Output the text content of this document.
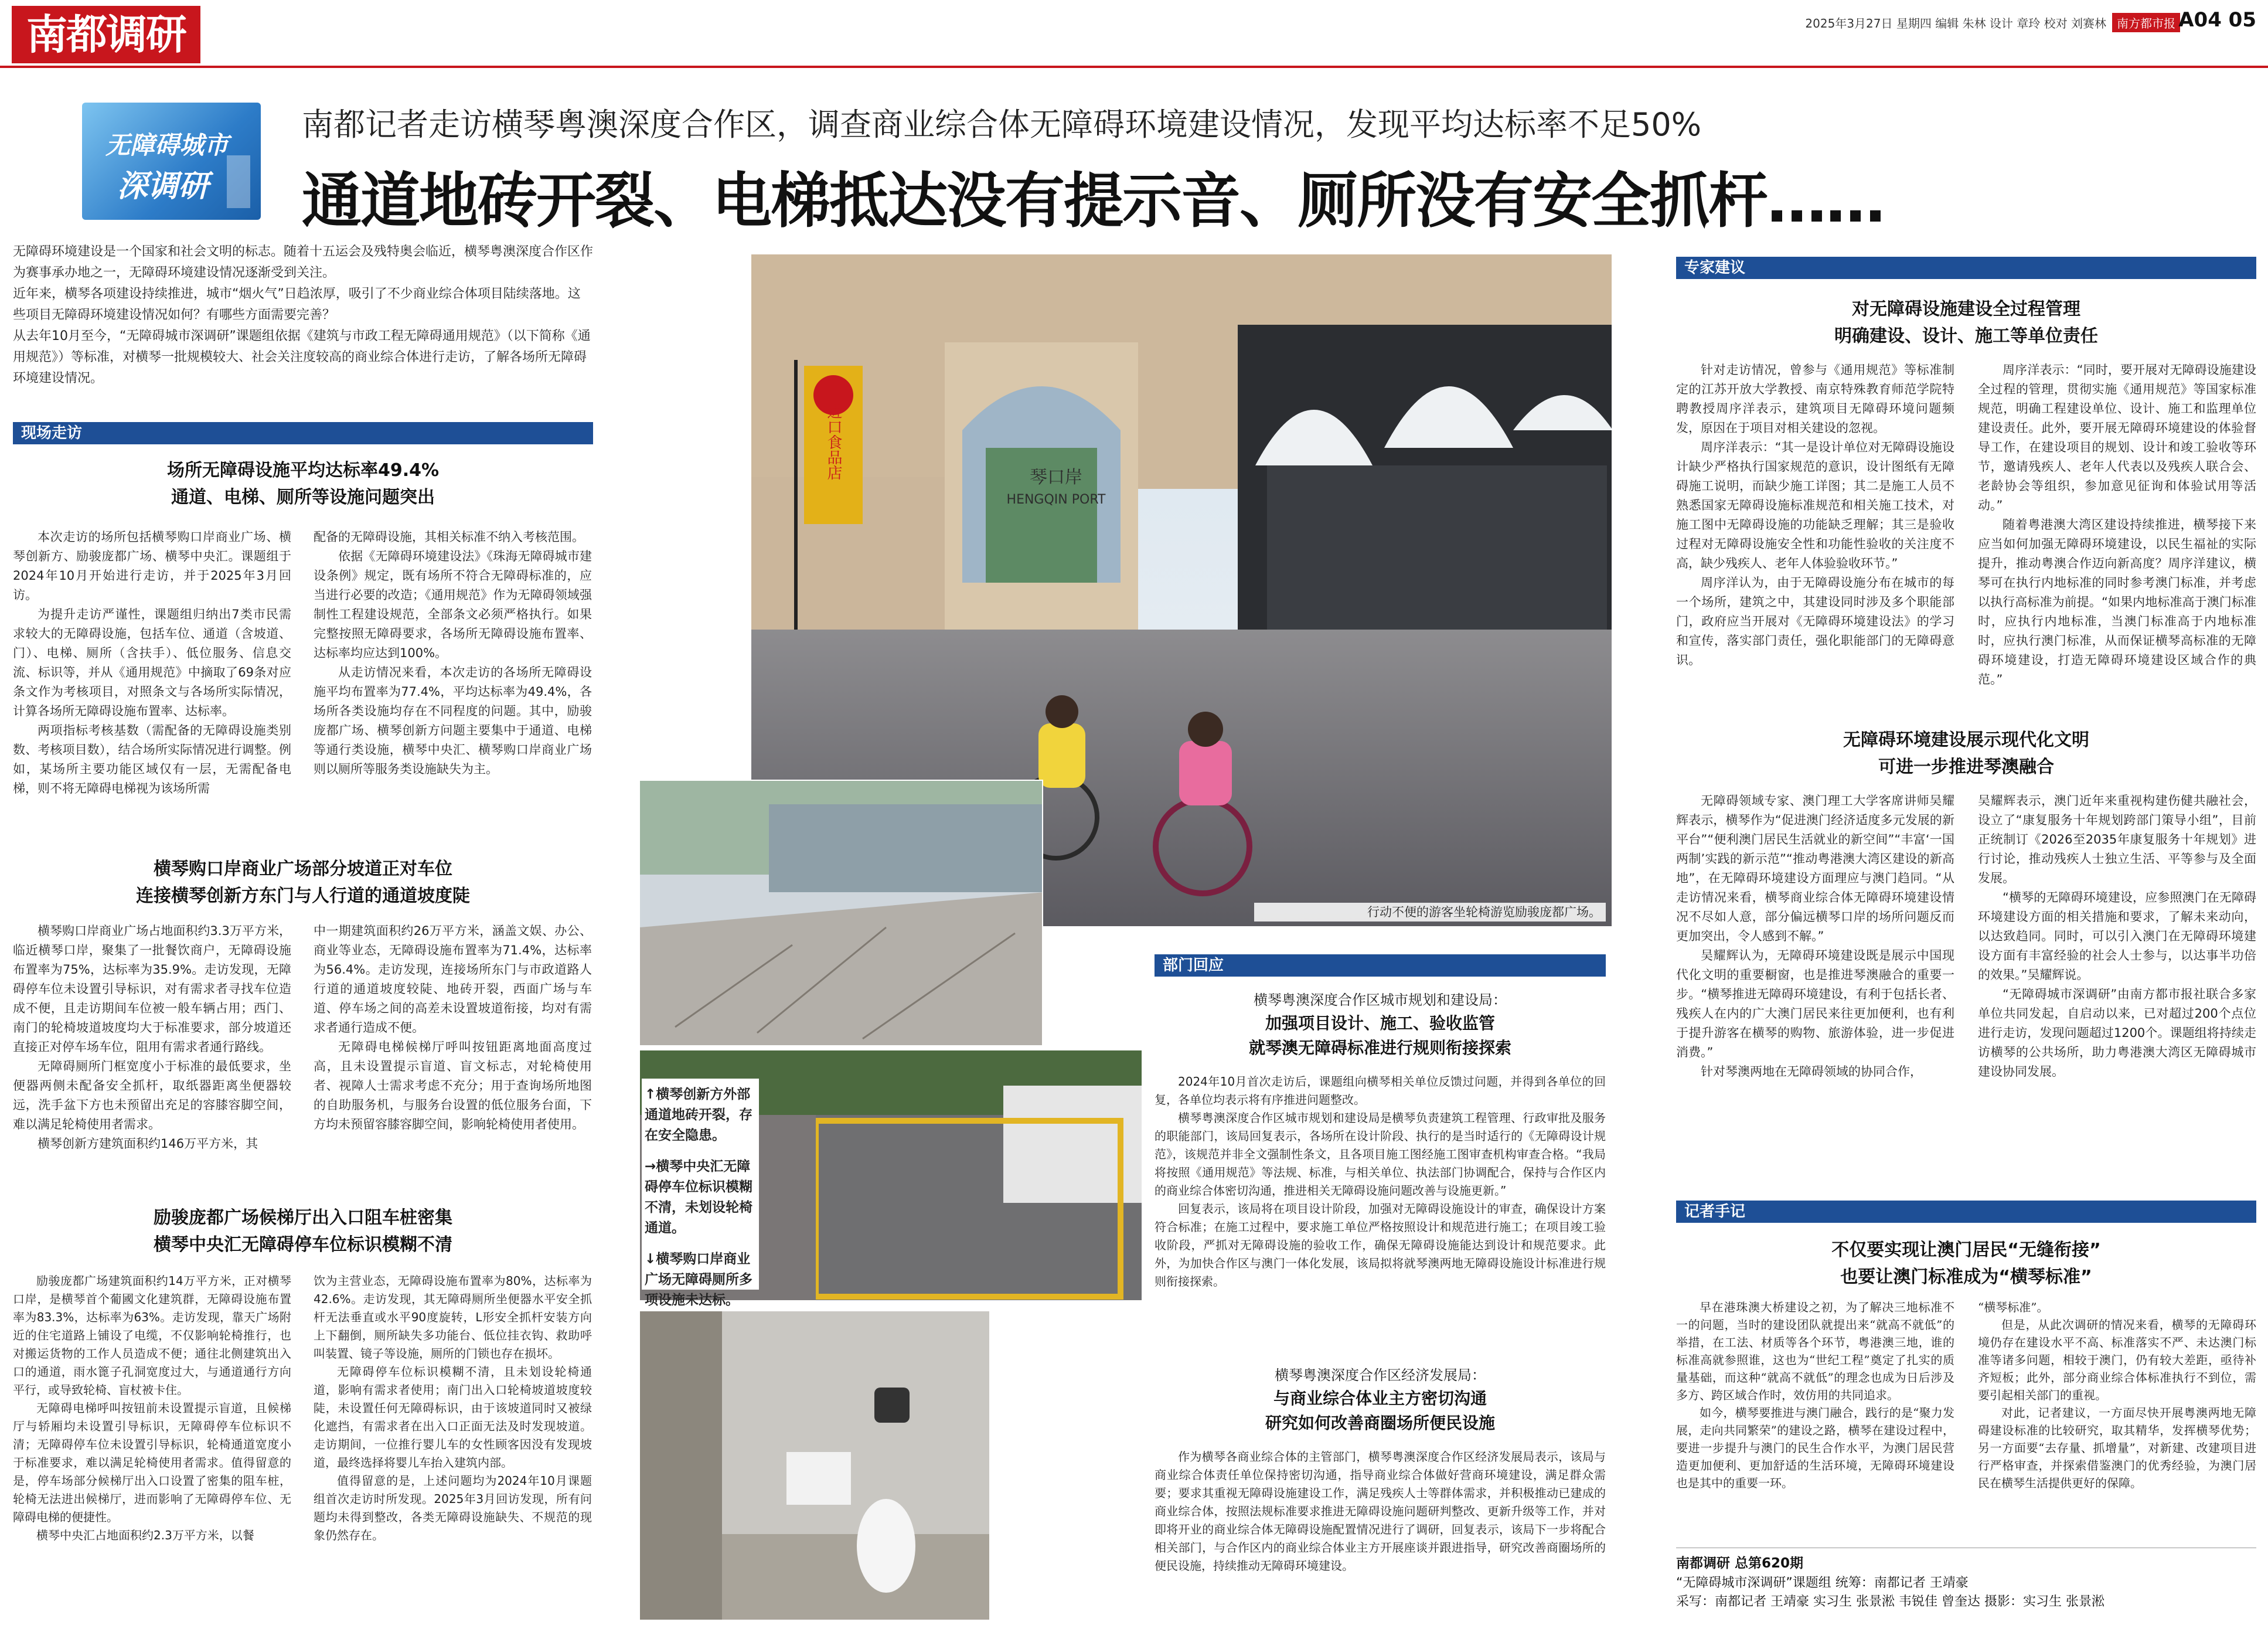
南都调研	2025年3月27日 星期四 编辑 朱林 设计 章玲 校对 刘赛林 南方都市报 A04 05
无障碍城市
深调研
南都记者走访横琴粤澳深度合作区，调查商业综合体无障碍环境建设情况，发现平均达标率不足50%
通道地砖开裂、电梯抵达没有提示音、厕所没有安全抓杆……

无障碍环境建设是一个国家和社会文明的标志。随着十五运会及残特奥会临近，横琴粤澳深度合作区作为赛事承办地之一，无障碍环境建设情况逐渐受到关注。

近年来，横琴各项建设持续推进，城市“烟火气”日趋浓厚，吸引了不少商业综合体项目陆续落地。这些项目无障碍环境建设情况如何？有哪些方面需要完善？

从去年10月至今，“无障碍城市深调研”课题组依据《建筑与市政工程无障碍通用规范》（以下简称《通用规范》）等标准，对横琴一批规模较大、社会关注度较高的商业综合体进行走访，了解各场所无障碍环境建设情况。

现场走访
场所无障碍设施平均达标率49.4%
通道、电梯、厕所等设施问题突出

本次走访的场所包括横琴购口岸商业广场、横琴创新方、励骏庞都广场、横琴中央汇。课题组于2024年10月开始进行走访，并于2025年3月回访。

为提升走访严谨性，课题组归纳出7类市民需求较大的无障碍设施，包括车位、通道（含坡道、门）、电梯、厕所（含扶手）、低位服务、信息交流、标识等，并从《通用规范》中摘取了69条对应条文作为考核项目，对照条文与各场所实际情况，计算各场所无障碍设施布置率、达标率。

两项指标考核基数（需配备的无障碍设施类别数、考核项目数），结合场所实际情况进行调整。例如，某场所主要功能区域仅有一层，无需配备电梯，则不将无障碍电梯视为该场所需

配备的无障碍设施，其相关标准不纳入考核范围。

依据《无障碍环境建设法》《珠海无障碍城市建设条例》规定，既有场所不符合无障碍标准的，应当进行必要的改造；《通用规范》作为无障碍领域强制性工程建设规范，全部条文必须严格执行。如果完整按照无障碍要求，各场所无障碍设施布置率、达标率均应达到100%。

从走访情况来看，本次走访的各场所无障碍设施平均布置率为77.4%，平均达标率为49.4%，各场所各类设施均存在不同程度的问题。其中，励骏庞都广场、横琴创新方问题主要集中于通道、电梯等通行类设施，横琴中央汇、横琴购口岸商业广场则以厕所等服务类设施缺失为主。

横琴购口岸商业广场部分坡道正对车位
连接横琴创新方东门与人行道的通道坡度陡

横琴购口岸商业广场占地面积约3.3万平方米，临近横琴口岸，聚集了一批餐饮商户，无障碍设施布置率为75%，达标率为35.9%。走访发现，无障碍停车位未设置引导标识，对有需求者寻找车位造成不便，且走访期间车位被一般车辆占用；西门、南门的轮椅坡道坡度均大于标准要求，部分坡道还直接正对停车场车位，阻用有需求者通行路线。

无障碍厕所门框宽度小于标准的最低要求，坐便器两侧未配备安全抓杆，取纸器距离坐便器较远，洗手盆下方也未预留出充足的容膝容脚空间，难以满足轮椅使用者需求。

横琴创新方建筑面积约146万平方米，其

中一期建筑面积约26万平方米，涵盖文娱、办公、商业等业态，无障碍设施布置率为71.4%，达标率为56.4%。走访发现，连接场所东门与市政道路人行道的通道坡度较陡、地砖开裂，西面广场与车道、停车场之间的高差未设置坡道衔接，均对有需求者通行造成不便。

无障碍电梯候梯厅呼叫按钮距离地面高度过高，且未设置提示盲道、盲文标志，对轮椅使用者、视障人士需求考虑不充分；用于查询场所地图的自助服务机，与服务台设置的低位服务台面，下方均未预留容膝容脚空间，影响轮椅使用者使用。

励骏庞都广场候梯厅出入口阻车桩密集
横琴中央汇无障碍停车位标识模糊不清

励骏庞都广场建筑面积约14万平方米，正对横琴口岸，是横琴首个葡國文化建筑群，无障碍设施布置率为83.3%，达标率为63%。走访发现，靠天广场附近的住宅道路上铺设了电缆，不仅影响轮椅推行，也对搬运货物的工作人员造成不便；通往北侧建筑出入口的通道，雨水篦子孔洞宽度过大，与通道通行方向平行，或导致轮椅、盲杖被卡住。

无障碍电梯呼叫按钮前未设置提示盲道，且候梯厅与轿厢均未设置引导标识，无障碍停车位标识不清；无障碍停车位未设置引导标识，轮椅通道宽度小于标准要求，难以满足轮椅使用者需求。值得留意的是，停车场部分候梯厅出入口设置了密集的阻车桩，轮椅无法进出候梯厅，进而影响了无障碍停车位、无障碍电梯的便捷性。

横琴中央汇占地面积约2.3万平方米，以餐

饮为主营业态，无障碍设施布置率为80%，达标率为42.6%。走访发现，其无障碍厕所坐便器水平安全抓杆无法垂直或水平90度旋转，L形安全抓杆安装方向上下翻倒，厕所缺失多功能台、低位挂衣钩、救助呼叫装置、镜子等设施，厕所的门锁也存在损坏。

无障碍停车位标识模糊不清，且未划设轮椅通道，影响有需求者使用；南门出入口轮椅坡道坡度较陡，未设置任何无障碍标识，由于该坡道同时又被绿化遮挡，有需求者在出入口正面无法及时发现坡道。走访期间，一位推行婴儿车的女性顾客因没有发现坡道，最终选择将婴儿车抬入建筑内部。

值得留意的是，上述问题均为2024年10月课题组首次走访时所发现。2025年3月回访发现，所有问题均未得到整改，各类无障碍设施缺失、不规范的现象仍然存在。

进口食品店	琴口岸
HENGQIN PORT
行动不便的游客坐轮椅游览励骏庞都广场。

↑横琴创新方外部通道地砖开裂，存在安全隐患。

→横琴中央汇无障碍停车位标识模糊不清，未划设轮椅通道。

↓横琴购口岸商业广场无障碍厕所多项设施未达标。

部门回应
横琴粤澳深度合作区城市规划和建设局：
加强项目设计、施工、验收监管
就琴澳无障碍标准进行规则衔接探索

2024年10月首次走访后，课题组向横琴相关单位反馈过问题，并得到各单位的回复，各单位均表示将有序推进问题整改。

横琴粤澳深度合作区城市规划和建设局是横琴负责建筑工程管理、行政审批及服务的职能部门，该局回复表示，各场所在设计阶段、执行的是当时适行的《无障碍设计规范》，该规范并非全文强制性条文，且各项目施工图经施工图审查机构审查合格。“我局将按照《通用规范》等法规、标准，与相关单位、执法部门协调配合，保持与合作区内的商业综合体密切沟通，推进相关无障碍设施问题改善与设施更新。”

回复表示，该局将在项目设计阶段，加强对无障碍设施设计的审查，确保设计方案符合标准；在施工过程中，要求施工单位严格按照设计和规范进行施工；在项目竣工验收阶段，严抓对无障碍设施的验收工作，确保无障碍设施能达到设计和规范要求。此外，为加快合作区与澳门一体化发展，该局拟将就琴澳两地无障碍设施设计标准进行规则衔接探索。

横琴粤澳深度合作区经济发展局：
与商业综合体业主方密切沟通
研究如何改善商圈场所便民设施

作为横琴各商业综合体的主管部门，横琴粤澳深度合作区经济发展局表示，该局与商业综合体责任单位保持密切沟通，指导商业综合体做好营商环境建设，满足群众需要；要求其重视无障碍设施建设工作，满足残疾人士等群体需求，并积极推动已建成的商业综合体，按照法规标准要求推进无障碍设施问题研判整改、更新升级等工作，并对即将开业的商业综合体无障碍设施配置情况进行了调研，回复表示，该局下一步将配合相关部门，与合作区内的商业综合体业主方开展座谈并跟进指导，研究改善商圈场所的便民设施，持续推动无障碍环境建设。

专家建议
对无障碍设施建设全过程管理
明确建设、设计、施工等单位责任

针对走访情况，曾参与《通用规范》等标准制定的江苏开放大学教授、南京特殊教育师范学院特聘教授周序洋表示，建筑项目无障碍环境问题频发，原因在于项目对相关建设的忽视。

周序洋表示：“其一是设计单位对无障碍设施设计缺少严格执行国家规范的意识，设计图纸有无障碍施工说明，而缺少施工详图；其二是施工人员不熟悉国家无障碍设施标准规范和相关施工技术，对施工图中无障碍设施的功能缺乏理解；其三是验收过程对无障碍设施安全性和功能性验收的关注度不高，缺少残疾人、老年人体验验收环节。”

周序洋认为，由于无障碍设施分布在城市的每一个场所，建筑之中，其建设同时涉及多个职能部门，政府应当开展对《无障碍环境建设法》的学习和宣传，落实部门责任，强化职能部门的无障碍意识。

周序洋表示：“同时，要开展对无障碍设施建设全过程的管理，贯彻实施《通用规范》等国家标准规范，明确工程建设单位、设计、施工和监理单位建设责任。此外，要开展无障碍环境建设的体验督导工作，在建设项目的规划、设计和竣工验收等环节，邀请残疾人、老年人代表以及残疾人联合会、老龄协会等组织，参加意见征询和体验试用等活动。”

随着粤港澳大湾区建设持续推进，横琴接下来应当如何加强无障碍环境建设，以民生福祉的实际提升，推动粤澳合作迈向新高度？周序洋建议，横琴可在执行内地标准的同时参考澳门标准，并考虑以执行高标准为前提。“如果内地标准高于澳门标准时，应执行内地标准，当澳门标准高于内地标准时，应执行澳门标准，从而保证横琴高标准的无障碍环境建设，打造无障碍环境建设区域合作的典范。”

无障碍环境建设展示现代化文明
可进一步推进琴澳融合

无障碍领域专家、澳门理工大学客席讲师吴耀辉表示，横琴作为“促进澳门经济适度多元发展的新平台”“便利澳门居民生活就业的新空间”“丰富‘一国两制’实践的新示范”“推动粤港澳大湾区建设的新高地”，在无障碍环境建设方面理应与澳门趋同。“从走访情况来看，横琴商业综合体无障碍环境建设情况不尽如人意，部分偏远横琴口岸的场所问题反而更加突出，令人感到不解。”

吴耀辉认为，无障碍环境建设既是展示中国现代化文明的重要橱窗，也是推进琴澳融合的重要一步。“横琴推进无障碍环境建设，有利于包括长者、残疾人在内的广大澳门居民来往更加便利，也有利于提升游客在横琴的购物、旅游体验，进一步促进消费。”

针对琴澳两地在无障碍领域的协同合作，

吴耀辉表示，澳门近年来重视构建伤健共融社会，设立了“康复服务十年规划跨部门策导小组”，目前正统制订《2026至2035年康复服务十年规划》进行讨论，推动残疾人士独立生活、平等参与及全面发展。

“横琴的无障碍环境建设，应参照澳门在无障碍环境建设方面的相关措施和要求，了解未来动向，以达致趋同。同时，可以引入澳门在无障碍环境建设方面有丰富经验的社会人士参与，以达事半功倍的效果。”吴耀辉说。

“无障碍城市深调研”由南方都市报社联合多家单位共同发起，自启动以来，已对超过200个点位进行走访，发现问题超过1200个。课题组将持续走访横琴的公共场所，助力粤港澳大湾区无障碍城市建设协同发展。

记者手记
不仅要实现让澳门居民“无缝衔接”
也要让澳门标准成为“横琴标准”

早在港珠澳大桥建设之初，为了解决三地标准不一的问题，当时的建设团队就提出来“就高不就低”的举措，在工法、材质等各个环节，粤港澳三地，谁的标准高就参照谁，这也为“世纪工程”奠定了扎实的质量基础，而这种“就高不就低”的理念也成为日后涉及多方、跨区域合作时，效仿用的共同追求。

如今，横琴要推进与澳门融合，践行的是“聚力发展，走向共同繁荣”的建设之路，横琴在建设过程中，要进一步提升与澳门的民生合作水平，为澳门居民营造更加便利、更加舒适的生活环境，无障碍环境建设也是其中的重要一环。

“横琴标准”。

但是，从此次调研的情况来看，横琴的无障碍环境仍存在建设水平不高、标准落实不严、未达澳门标准等诸多问题，相较于澳门，仍有较大差距，亟待补齐短板；此外，部分商业综合体标准执行不到位，需要引起相关部门的重视。

对此，记者建议，一方面尽快开展粤澳两地无障碍建设标准的比较研究，取其精华，发挥横琴优势；另一方面要“去存量、抓增量”，对新建、改建项目进行严格审查，并探索借鉴澳门的优秀经验，为澳门居民在横琴生活提供更好的保障。

南都调研 总第620期

“无障碍城市深调研”课题组 统筹：南都记者 王靖豪

采写：南都记者 王靖豪 实习生 张景淞 韦锐佳 曾奎达 摄影：实习生 张景淞
